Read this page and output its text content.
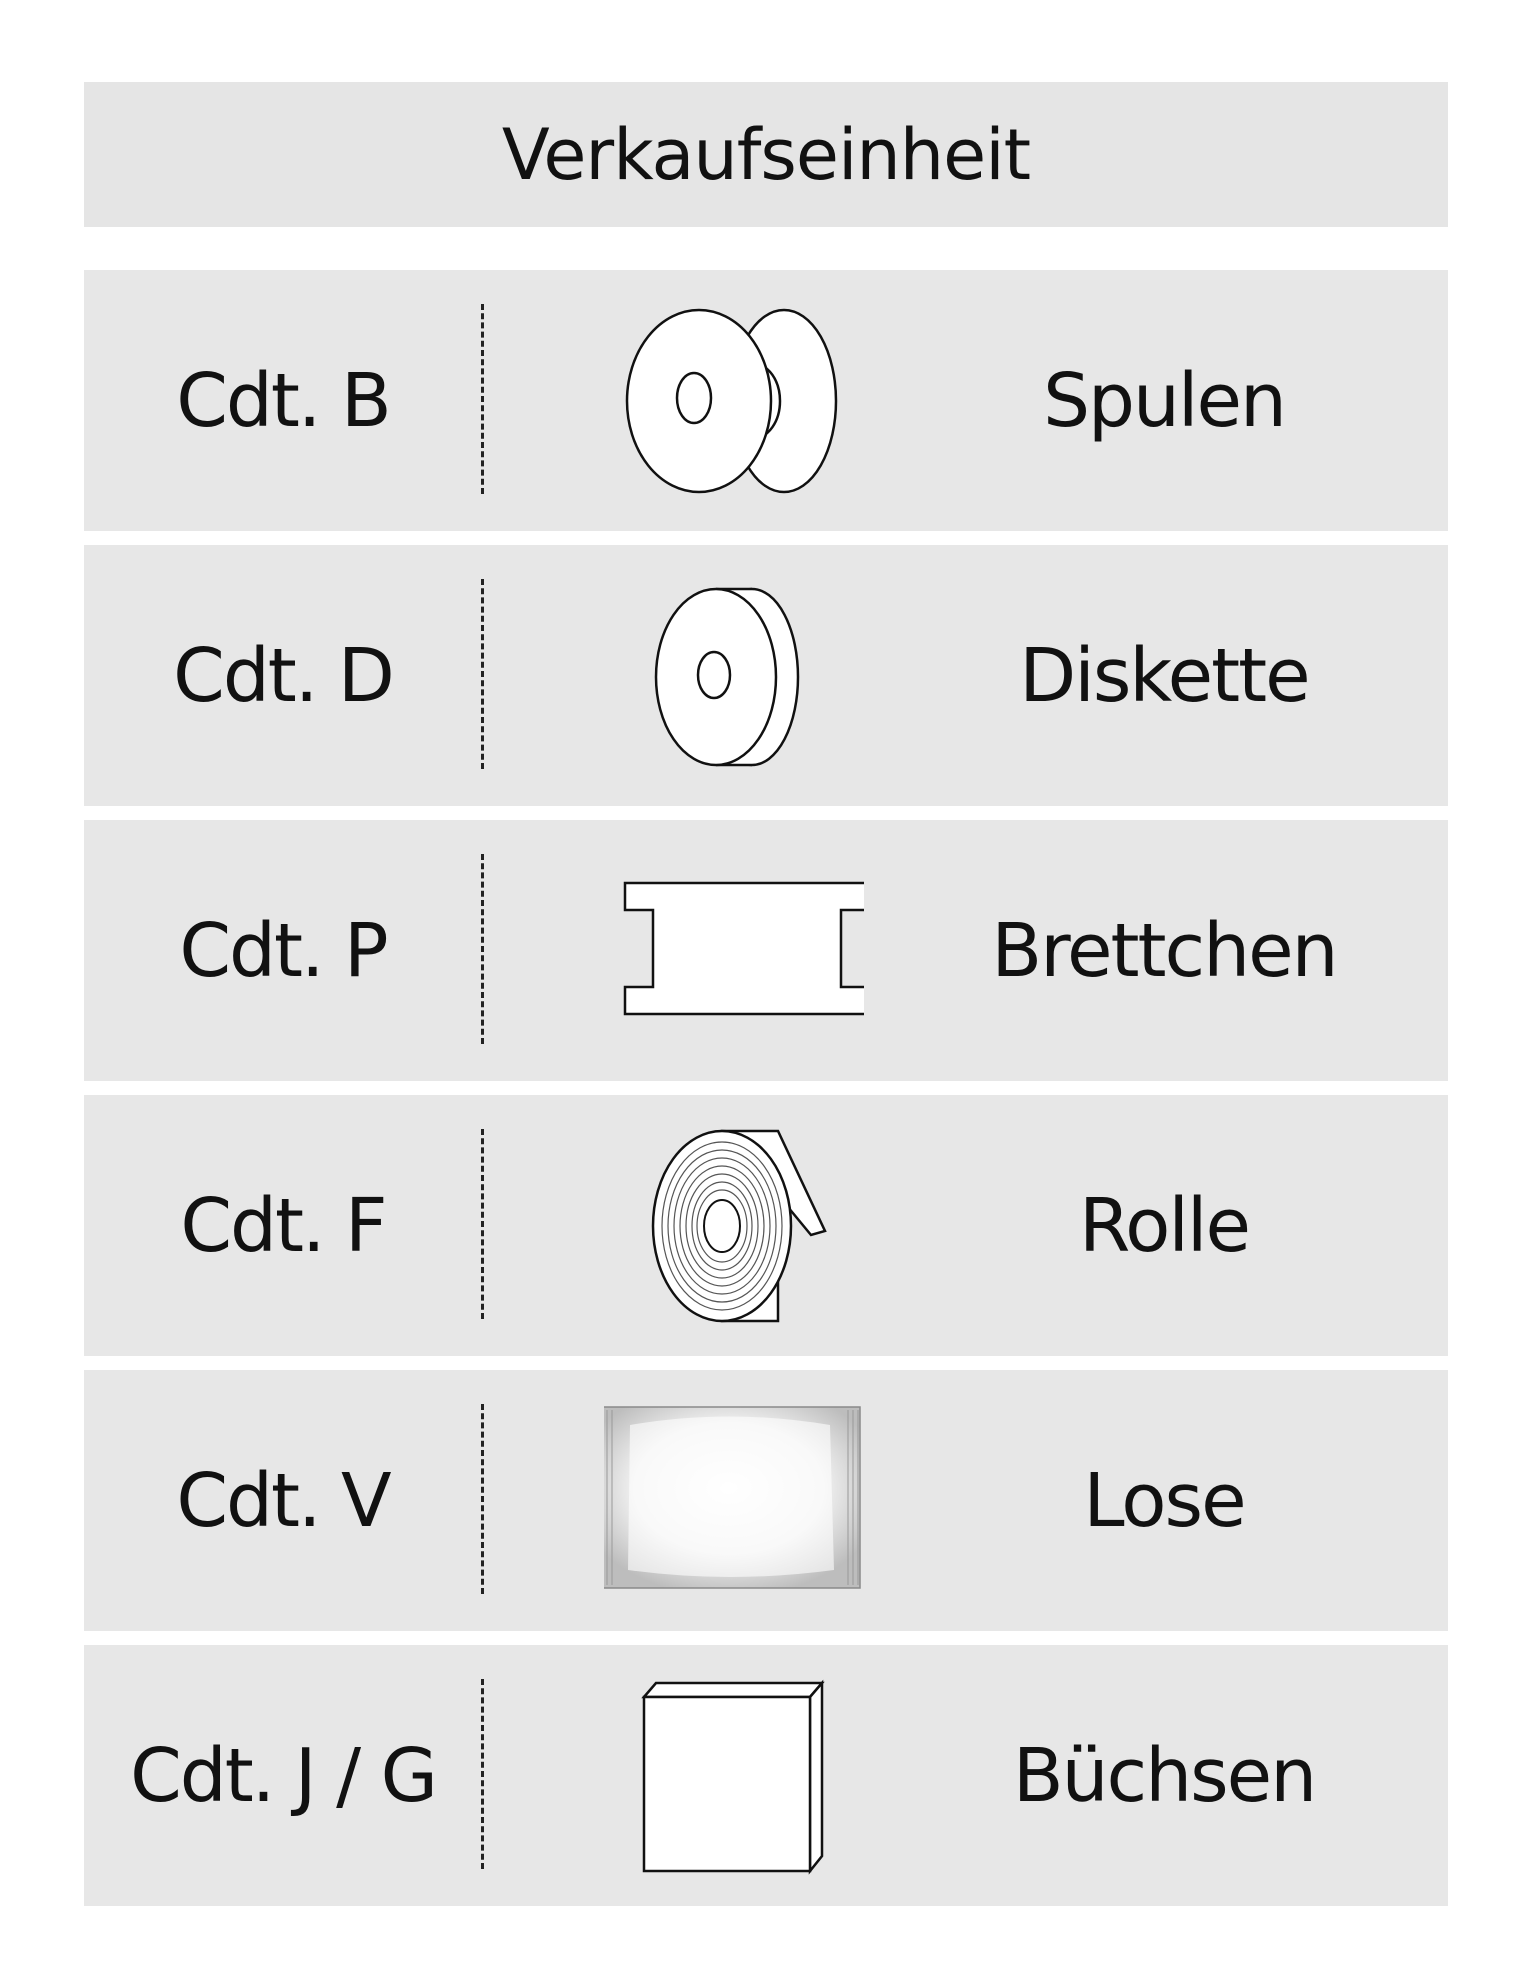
Verkaufseinheit
Cdt. B	Spulen
Cdt. D	Diskette
Cdt. P	Brettchen
Cdt. F	Rolle
Cdt. V	Lose
Cdt. J / G	Büchsen
